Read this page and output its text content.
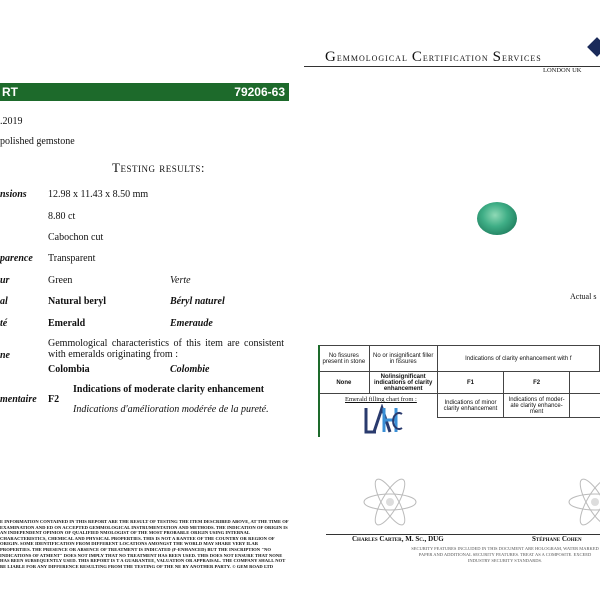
RT	79206-63
.2019
polished gemstone
Testing results:
nsions 12.98 x 11.43 x 8.50 mm
8.80 ct
Cabochon cut
parence Transparent
ur	Green	Verte
al	Natural beryl	Béryl naturel
té	Emerald	Emeraude
ne
Gemmological characteristics of this item are consistent with emeralds originating from :
Colombia	Colombie
mentaire F2
Indications of moderate clarity enhancement
Indications d'amélioration modérée de la pureté.
E INFORMATION CONTAINED IN THIS REPORT ARE THE RESULT OF TESTING THE ITEM DESCRIBED ABOVE, AT THE TIME OF EXAMINATION AND ED ON ACCEPTED GEMMOLOGICAL INSTRUMENTATION AND METHODS. THE INDICATION OF ORIGIN IS AN INDEPENDENT OPINION OF QUALIFIED NMOLOGIST OF THE MOST PROBABLE ORIGIN USING INTERNAL CHARACTERISTICS, CHEMICAL AND PHYSICAL PROPERTIES. THIS IS NOT A RANTEE OF THE COUNTRY OR REGION OF ORIGIN. SOME IDENTIFICATION FROM DIFFERENT LOCATIONS AMONGST THE WORLD MAY SHARE VERY ILAR PROPERTIES. THE PRESENCE OR ABSENCE OF TREATMENT IS INDICATED (F-ENHANCED) BUT THE INSCRIPTION "NO INDICATIONS OF ATMENT" DOES NOT IMPLY THAT NO TREATMENT HAS BEEN USED. THIS DOES NOT ENSURE THAT NONE HAS BEEN SUBSEQUENTLY USED. THIS REPORT IS T A GUARANTEE, VALUATION OR APPRAISAL. THE COMPANY SHALL NOT BE LIABLE FOR ANY DIFFERENCE RESULTING FROM THE TESTING OF THE NE BY ANOTHER PARTY. © GEM ROAD LTD
Gemmological Certification Services
LONDON UK
Actual s
No fissures present in stone	No or insignificant filler in fissures	Indications of clarity enhancement with f		
None	No/insignificant indications of clarity enhancement	F1	F2	
		Indications of minor clarity enhancement	Indications of moder- ate clarity enhance- ment	
Emerald filling chart from :
Charles Carter, M. Sc., DUG	Stéphane Cohen
SECURITY FEATURES INCLUDED IN THIS DOCUMENT ARE HOLOGRAM, WATER MARKED PAPER AND ADDITIONAL SECURITY FEATURES. TREAT AS A COMPOSITE. EXCEED INDUSTRY SECURITY STANDARDS.
